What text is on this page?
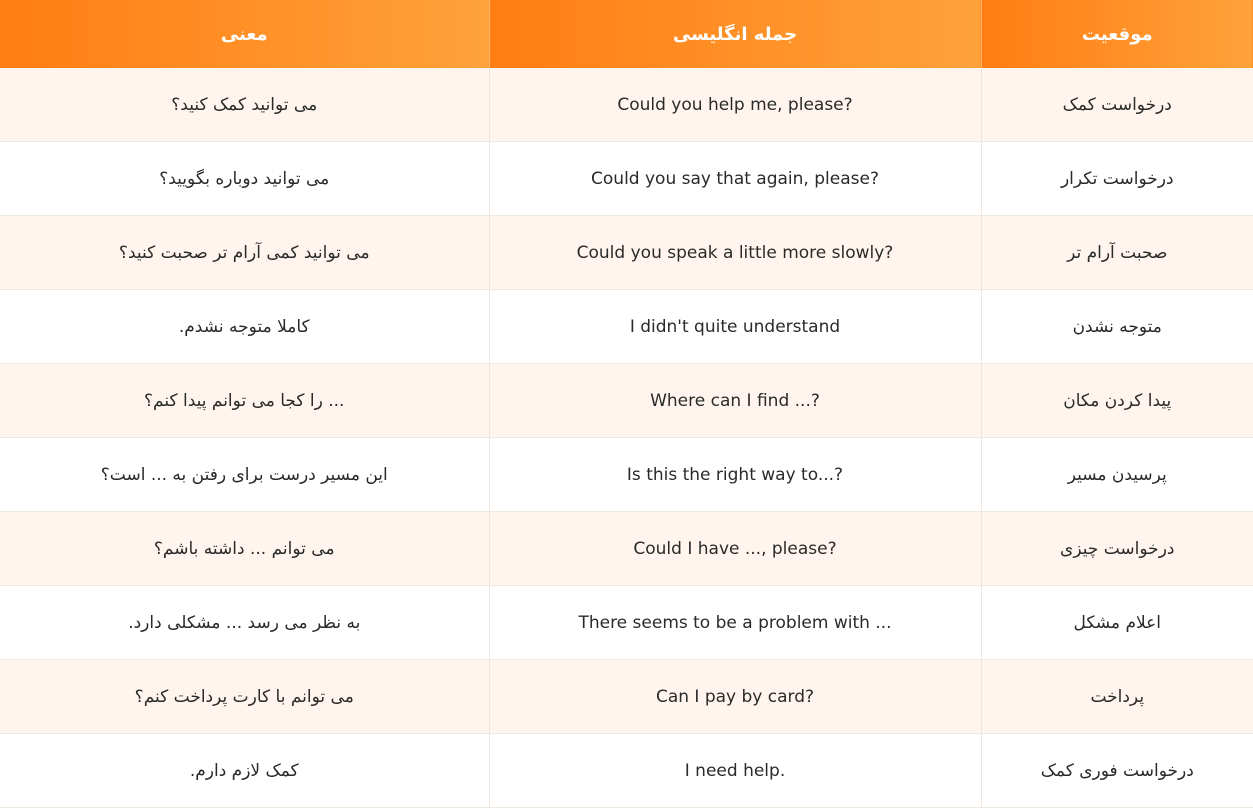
موقعیت	جمله انگلیسی	معنی
درخواست کمک	Could you help me, please?	می توانید کمک کنید؟
درخواست تکرار	Could you say that again, please?	می توانید دوباره بگویید؟
صحبت آرام تر	Could you speak a little more slowly?	می توانید کمی آرام تر صحبت کنید؟
متوجه نشدن	I didn't quite understand	کاملا متوجه نشدم.
پیدا کردن مکان	Where can I find ...?	... را کجا می توانم پیدا کنم؟
پرسیدن مسیر	Is this the right way to...?	این مسیر درست برای رفتن به ... است؟
درخواست چیزی	Could I have ..., please?	می توانم ... داشته باشم؟
اعلام مشکل	There seems to be a problem with ...	به نظر می رسد ... مشکلی دارد.
پرداخت	Can I pay by card?	می توانم با کارت پرداخت کنم؟
درخواست فوری کمک	I need help.	کمک لازم دارم.
